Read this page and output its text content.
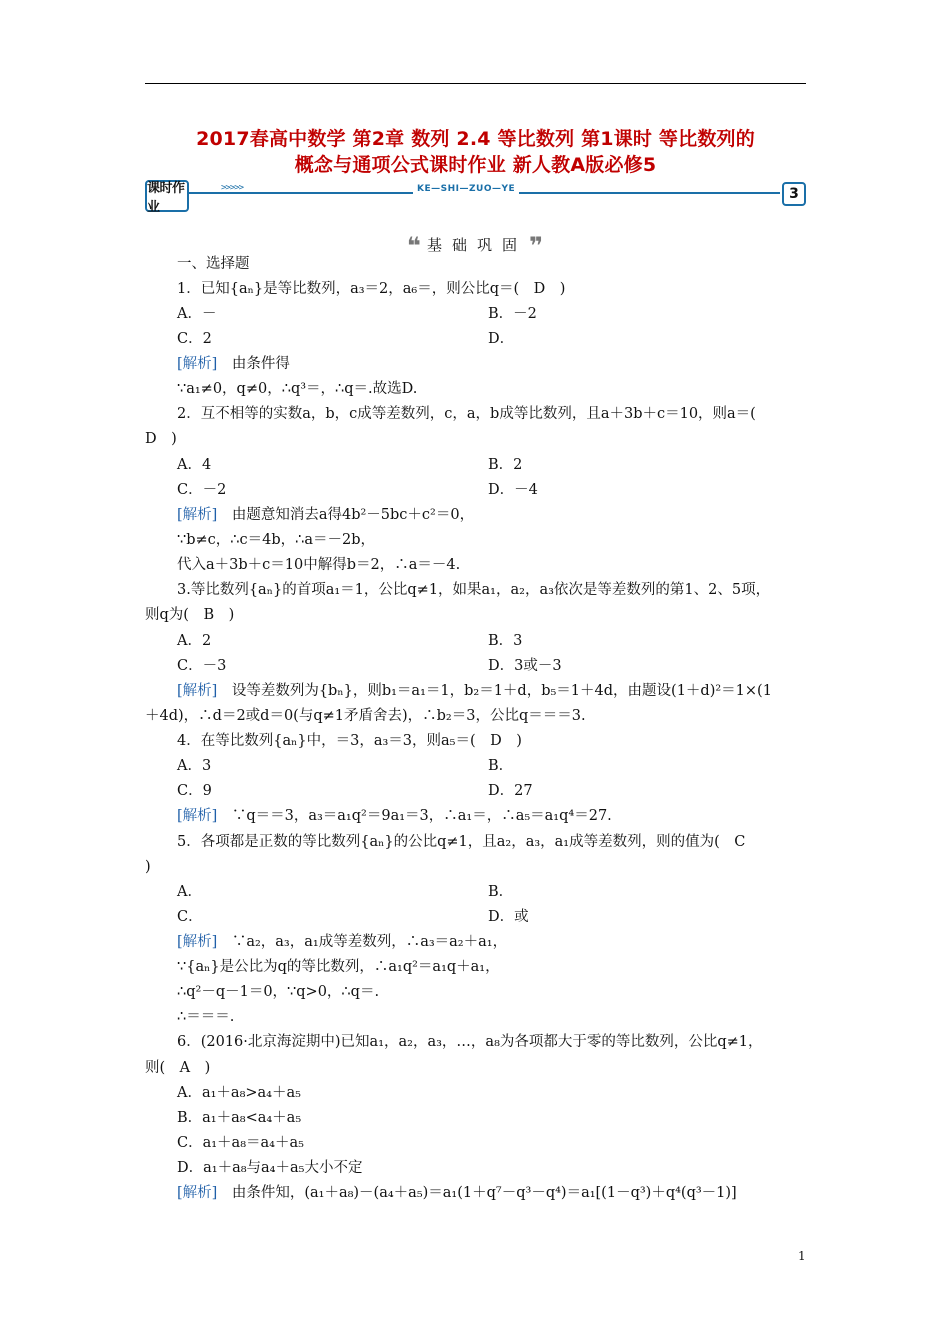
2017春高中数学 第2章 数列 2.4 等比数列 第1课时 等比数列的
概念与通项公式课时作业 新人教A版必修5
课时作业
>>>>>	KE—SHI—ZUO—YE	3
❝ 基础巩固❞
一、选择题
1．已知{aₙ}是等比数列，a₃＝2，a₆＝，则公比q＝(　D　)
A．－	B．－2
C．2	D．
[解析]　由条件得
∵a₁≠0，q≠0，∴q³＝，∴q＝.故选D.
2．互不相等的实数a，b，c成等差数列，c，a，b成等比数列，且a＋3b＋c＝10，则a＝(
D　)
A．4	B．2
C．－2	D．－4
[解析]　由题意知消去a得4b²－5bc＋c²＝0，
∵b≠c，∴c＝4b，∴a＝－2b，
代入a＋3b＋c＝10中解得b＝2，∴a＝－4.
3.等比数列{aₙ}的首项a₁＝1，公比q≠1，如果a₁，a₂，a₃依次是等差数列的第1、2、5项，
则q为(　B　)
A．2	B．3
C．－3	D．3或－3
[解析]　设等差数列为{bₙ}，则b₁＝a₁＝1，b₂＝1＋d，b₅＝1＋4d，由题设(1＋d)²＝1×(1
＋4d)，∴d＝2或d＝0(与q≠1矛盾舍去)，∴b₂＝3，公比q＝＝＝3.
4．在等比数列{aₙ}中，＝3，a₃＝3，则a₅＝(　D　)
A．3	B．
C．9	D．27
[解析]　∵q＝＝3，a₃＝a₁q²＝9a₁＝3，∴a₁＝，∴a₅＝a₁q⁴＝27.
5．各项都是正数的等比数列{aₙ}的公比q≠1，且a₂，a₃，a₁成等差数列，则的值为(　C
)
A．	B．
C．	D．或
[解析]　∵a₂，a₃，a₁成等差数列，∴a₃＝a₂＋a₁，
∵{aₙ}是公比为q的等比数列，∴a₁q²＝a₁q＋a₁，
∴q²－q－1＝0，∵q>0，∴q＝.
∴＝＝＝.
6．(2016·北京海淀期中)已知a₁，a₂，a₃，…，a₈为各项都大于零的等比数列，公比q≠1，
则(　A　)
A．a₁＋a₈>a₄＋a₅
B．a₁＋a₈<a₄＋a₅
C．a₁＋a₈＝a₄＋a₅
D．a₁＋a₈与a₄＋a₅大小不定
[解析]　由条件知，(a₁＋a₈)－(a₄＋a₅)＝a₁(1＋q⁷－q³－q⁴)＝a₁[(1－q³)＋q⁴(q³－1)]
1
